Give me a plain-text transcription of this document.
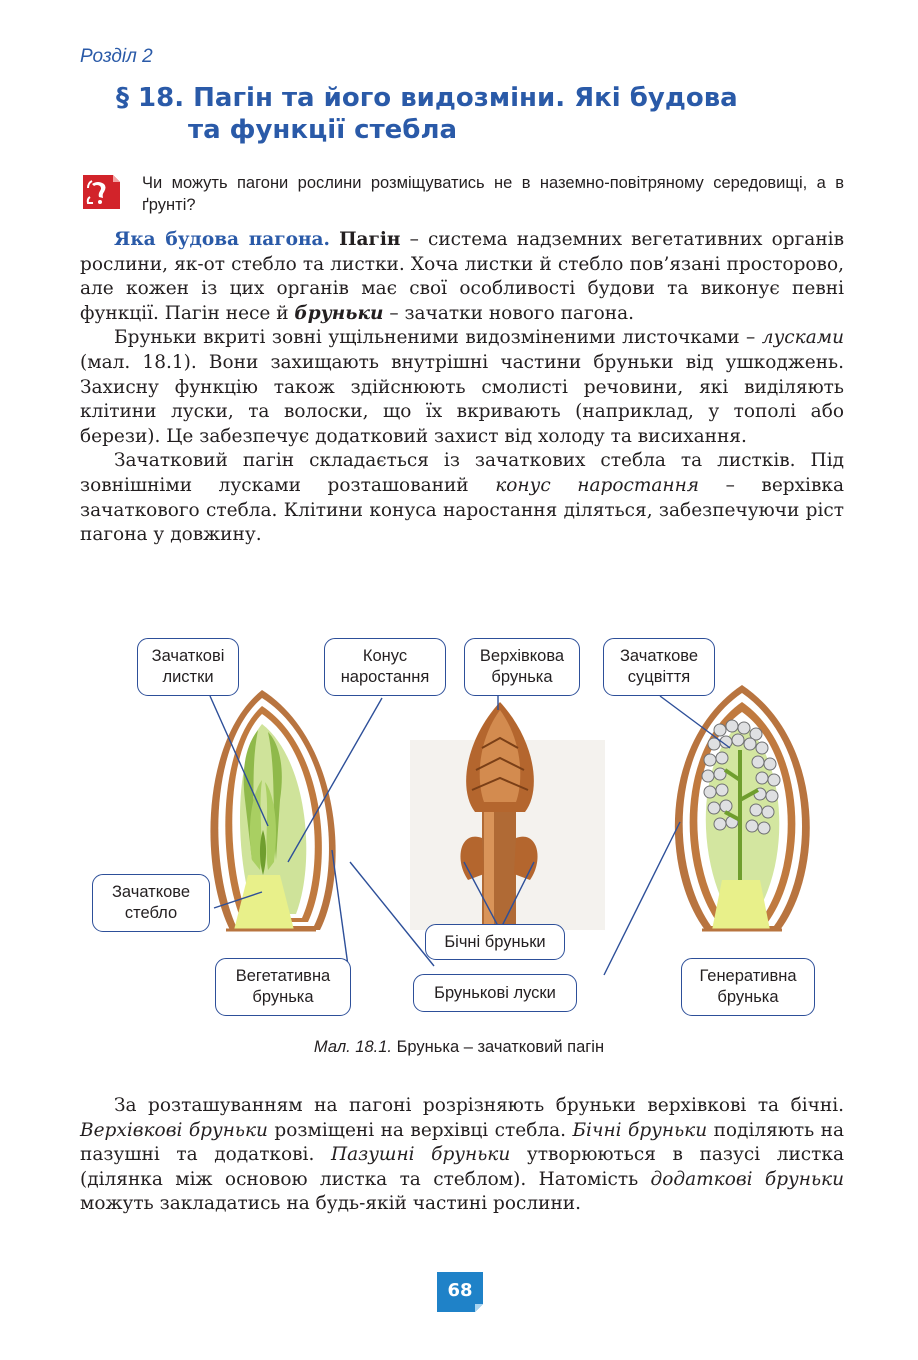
Розділ 2
§ 18. Пагін та його видозміни. Які будова
та функції стебла
Чи можуть пагони рослини розміщуватись не в наземно-повітряному середовищі, а в ґрунті?

Яка будова пагона. Пагін – система надземних вегетативних органів рослини, як-от стебло та листки. Хоча листки й стебло пов’язані просторово, але кожен із цих органів має свої особливості будови та виконує певні функції. Пагін несе й бруньки – зачатки нового пагона.

Бруньки вкриті зовні ущільненими видозміненими листочками – лусками (мал. 18.1). Вони захищають внутрішні частини бруньки від ушкоджень. Захисну функцію також здійснюють смолисті речовини, які виділяють клітини луски, та волоски, що їх вкривають (наприклад, у тополі або берези). Це забезпечує додатковий захист від холоду та висихання.

Зачатковий пагін складається із зачаткових стебла та листків. Під зовнішніми лусками розташований конус наростання – верхівка зачаткового стебла. Клітини конуса наростання діляться, забезпечуючи ріст пагона у довжину.

Зачаткові листки
Конус наростання
Верхівкова брунька
Зачаткове суцвіття
Зачаткове стебло
Бічні бруньки
Вегетативна брунька	Брунькові луски
Генеративна брунька
Мал. 18.1. Брунька – зачатковий пагін

За розташуванням на пагоні розрізняють бруньки верхівкові та бічні. Верхівкові бруньки розміщені на верхівці стебла. Бічні бруньки поділяють на пазушні та додаткові. Пазушні бруньки утворюються в пазусі листка (ділянка між основою листка та стеблом). Натомість додаткові бруньки можуть закладатись на будь-якій частині рослини.

68
